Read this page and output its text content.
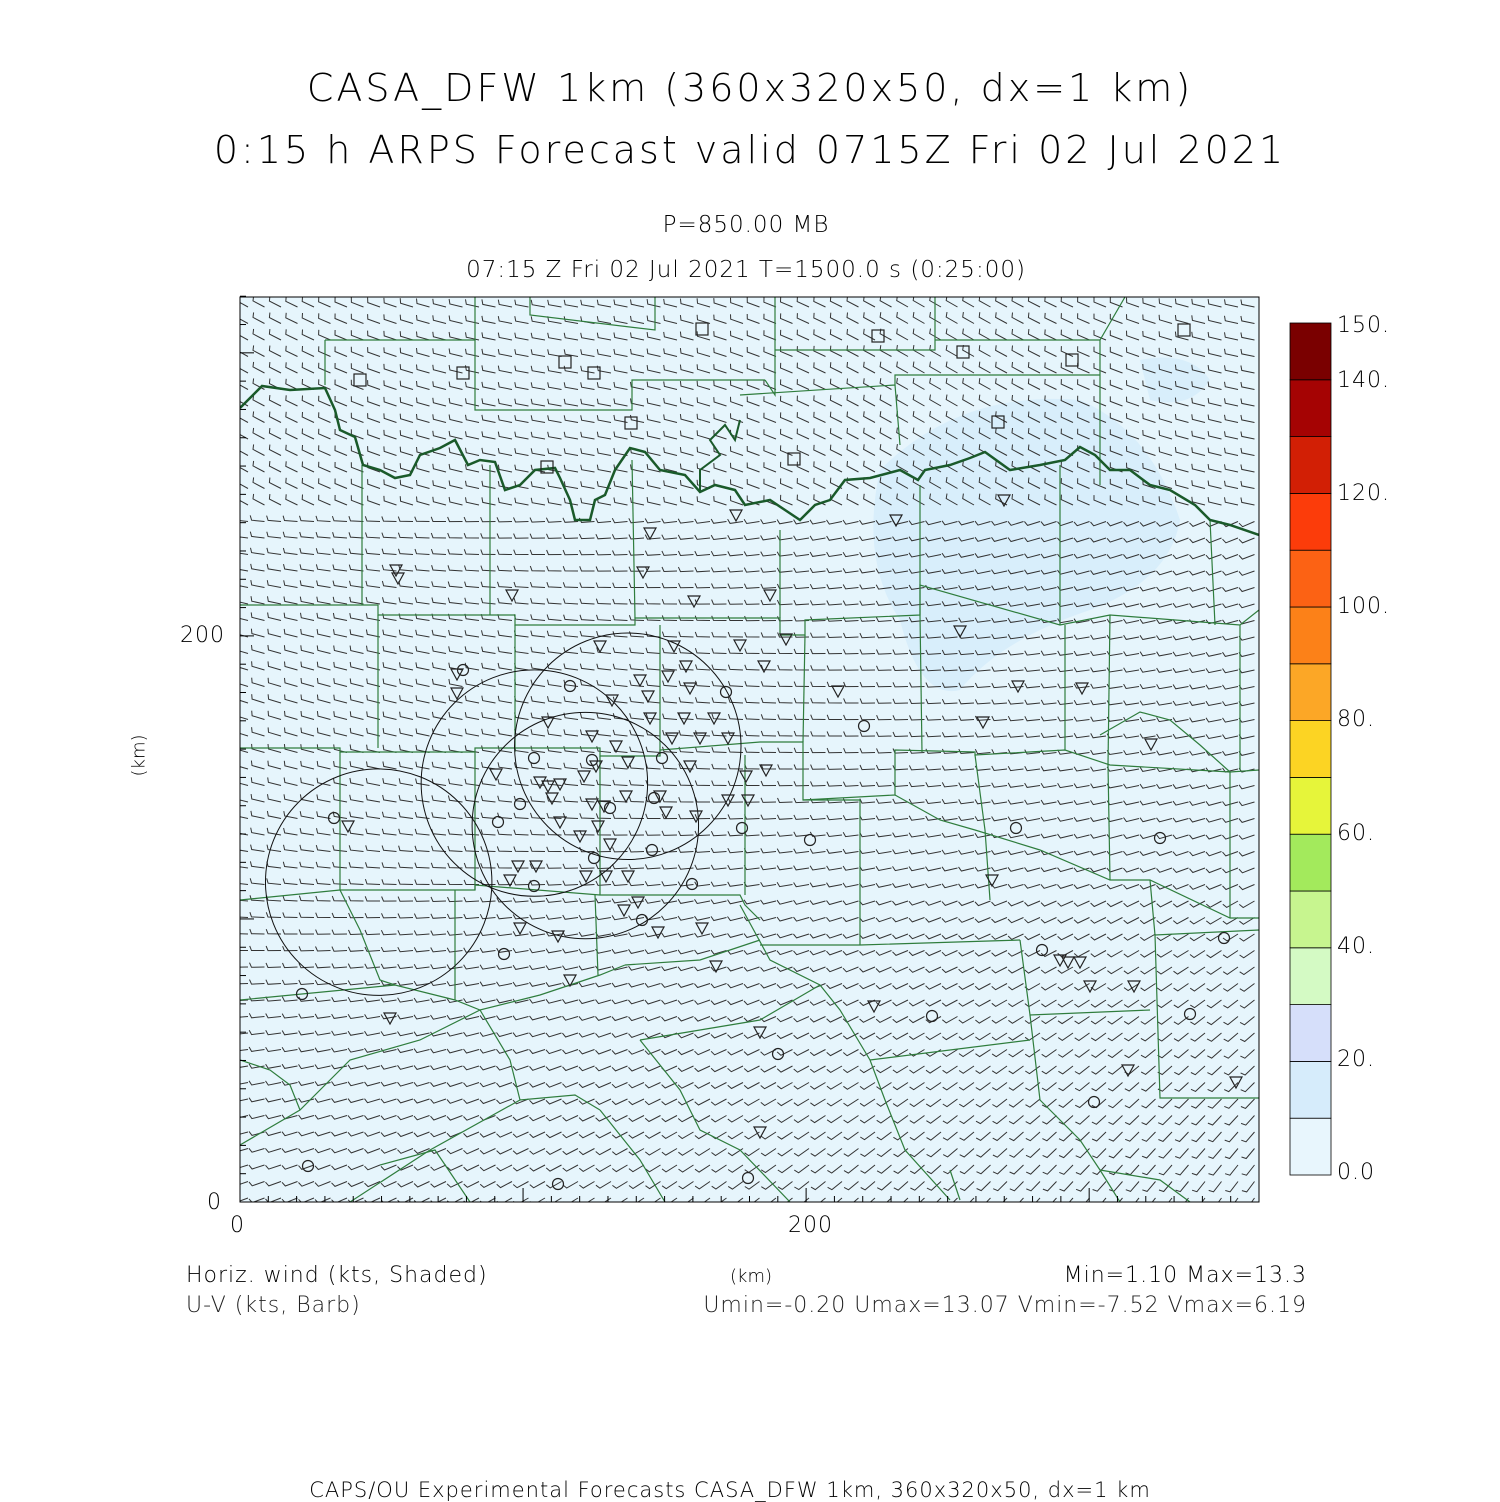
CASA_DFW 1km (360x320x50, dx=1 km)
0:15 h ARPS Forecast valid 0715Z Fri 02 Jul 2021
P=850.00 MB
07:15 Z Fri 02 Jul 2021 T=1500.0 s (0:25:00)
0	200
0
200
(km)
(km)
150.
140.
120.
100.
80.
60.
40.
20.
0.0
Horiz. wind (kts, Shaded)
U-V (kts, Barb)
Min=1.10 Max=13.3
Umin=-0.20 Umax=13.07 Vmin=-7.52 Vmax=6.19
CAPS/OU Experimental Forecasts CASA_DFW 1km, 360x320x50, dx=1 km
